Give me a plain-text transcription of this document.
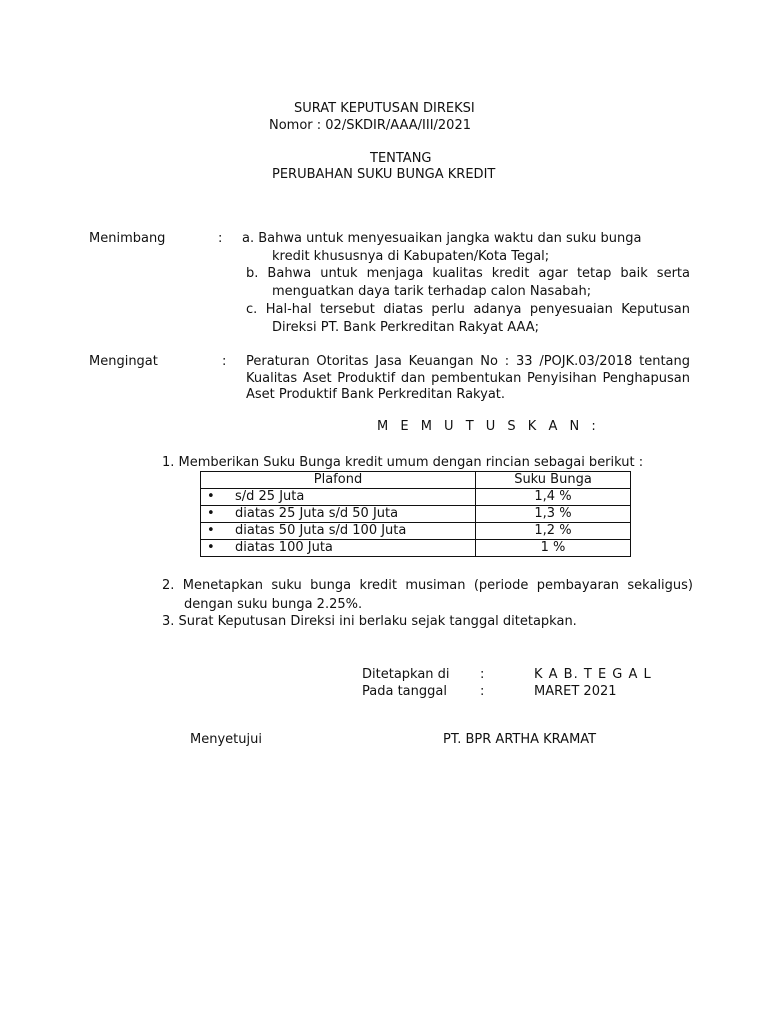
SURAT KEPUTUSAN DIREKSI
Nomor : 02/SKDIR/AAA/III/2021
TENTANG
PERUBAHAN SUKU BUNGA KREDIT
Menimbang	: a. Bahwa untuk menyesuaikan jangka waktu dan suku bunga
kredit khususnya di Kabupaten/Kota Tegal;
b. Bahwa untuk menjaga kualitas kredit agar tetap baik serta
menguatkan daya tarik terhadap calon Nasabah;
c. Hal-hal tersebut diatas perlu adanya penyesuaian Keputusan
Direksi PT. Bank Perkreditan Rakyat AAA;
Mengingat	: Peraturan Otoritas Jasa Keuangan No : 33 /POJK.03/2018 tentang
Kualitas Aset Produktif dan pembentukan Penyisihan Penghapusan
Aset Produktif Bank Perkreditan Rakyat.
M E M U T U S K A N :
1. Memberikan Suku Bunga kredit umum dengan rincian sebagai berikut :
Plafond	Suku Bunga
• s/d 25 Juta	1,4 %
• diatas 25 Juta s/d 50 Juta	1,3 %
• diatas 50 Juta s/d 100 Juta	1,2 %
• diatas 100 Juta	1 %
2. Menetapkan suku bunga kredit musiman (periode pembayaran sekaligus)
dengan suku bunga 2.25%.
3. Surat Keputusan Direksi ini berlaku sejak tanggal ditetapkan.
Ditetapkan di :	K A B. T E G A L
Pada tanggal	:	MARET 2021
Menyetujui	PT. BPR ARTHA KRAMAT
